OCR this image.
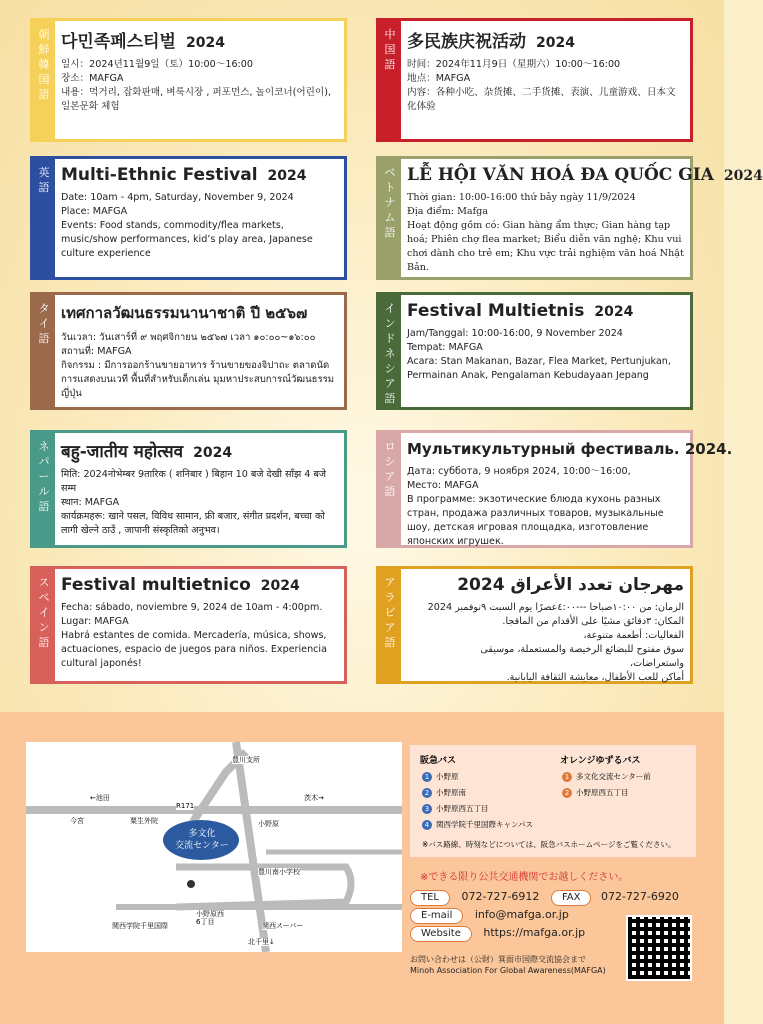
朝
鮮
韓
国
語
다민족페스티벌 2024
일시：2024년11월9일（토）10:00〜16:00
장소：MAFGA
내용：먹거리, 잡화판매, 벼룩시장 , 퍼포먼스, 놀이코너(어린이), 일본문화 체험
中
国
語
多民族庆祝活动 2024
时间：2024年11月9日（星期六）10:00〜16:00
地点：MAFGA
内容：各种小吃、杂货摊、二手货摊、表演、儿童游戏、日本文化体验
英
語
Multi-Ethnic Festival 2024
Date: 10am - 4pm, Saturday, November 9, 2024
Place: MAFGA
Events: Food stands, commodity/flea markets, music/show performances, kid’s play area, Japanese culture experience
ベ
ト
ナ
ム
語
LỄ HỘI VĂN HOÁ ĐA QUỐC GIA 2024
Thời gian: 10:00-16:00 thứ bảy ngày 11/9/2024
Địa điểm: Mafga
Hoạt động gồm có: Gian hàng ẩm thực; Gian hàng tạp hoá; Phiên chợ flea market; Biểu diễn văn nghệ; Khu vui chơi dành cho trẻ em; Khu vực trải nghiệm văn hoá Nhật Bản.
タ
イ
語
เทศกาลวัฒนธรรมนานาชาติ ปี ๒๕๖๗
วันเวลา: วันเสาร์ที่ ๙ พฤศจิกายน ๒๕๖๗ เวลา ๑๐:๐๐~๑๖:๐๐
สถานที่: MAFGA
กิจกรรม : มีการออกร้านขายอาหาร ร้านขายของจิปาถะ ตลาดนัด การแสดงบนเวที พื้นที่สำหรับเด็กเล่น มุมหาประสบการณ์วัฒนธรรมญี่ปุ่น
イ
ン
ド
ネ
シ
ア
語
Festival Multietnis 2024
Jam/Tanggal: 10:00-16:00, 9 November 2024
Tempat: MAFGA
Acara: Stan Makanan, Bazar, Flea Market, Pertunjukan, Permainan Anak, Pengalaman Kebudayaan Jepang
ネ
パ
ー
ル
語
बहु-जातीय महोत्सव 2024
मिति: 2024नोभेम्बर 9तारिक ( शनिबार ) बिहान 10 बजे देखी साँझ 4 बजे सम्म
स्थान: MAFGA
कार्यक्रमहरू: खाने पसल, विविध सामान, फ्री बजार, संगीत प्रदर्शन, बच्चा को लागी खेल्ने ठाउँ , जापानी संस्कृतिको अनुभव।
ロ
シ
ア
語
Мультикультурный фестиваль. 2024.
Дата: суббота, 9 ноября 2024, 10:00〜16:00,
Место: MAFGA
В программе: экзотические блюда кухонь разных стран, продажа различных товаров, музыкальные шоу, детская игровая площадка, изготовление японских игрушек.
ス
ペ
イ
ン
語
Festival multietnico 2024
Fecha: sábado, noviembre 9, 2024 de 10am - 4:00pm.
Lugar: MAFGA
Habrá estantes de comida. Mercadería, música, shows, actuaciones, espacio de juegos para niños. Experiencia cultural japonés!
ア
ラ
ビ
ア
語
مهرجان تعدد الأعراق 2024
الزمان: من ١٠:٠٠صباحا ---٤:٠٠عصرًا يوم السبت ٩نوفمبر 2024
المكان: ٣دقائق مشيًا على الأقدام من الماقجا.
الفعاليات: أطعمة متنوعة،
سوق مفتوح للبضائع الرخيصة والمستعملة، موسيقى
واستعراضات،
أماكن للعب الأطفال، معايشة الثقافة اليابانية.
豊川支所
←池田	茨木→
R171
今宮	粟生外院	小野原
豊川南小学校
関西学院千里国際
小野原西
6丁目	関西スーパー
北千里↓
多文化
交流センター
阪急バス	オレンジゆずるバス
1 小野原
2 小野原南
3 小野原西五丁目
4 関西学院千里国際キャンパス
1 多文化交流センター前
2 小野原西五丁目
※バス路線、時刻などについては、阪急バスホームページをご覧ください。
※できる限り公共交通機関でお越しください。
TEL 072-727-6912 FAX 072-727-6920
E-mail info@mafga.or.jp
Website https://mafga.or.jp
お問い合わせは（公財）箕面市国際交流協会まで
Minoh Association For Global Awareness(MAFGA)
